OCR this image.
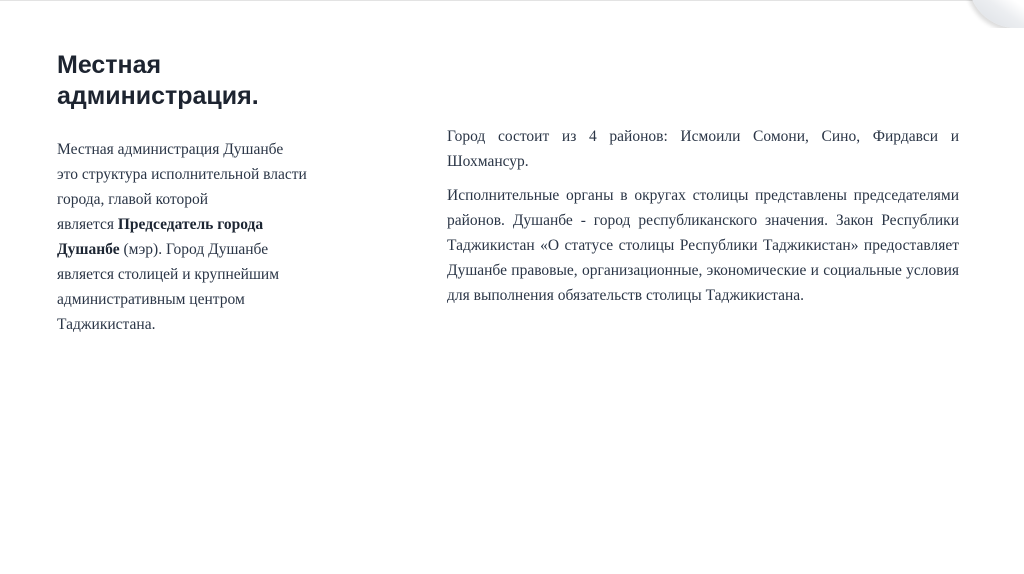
Местная
администрация.
Местная администрация Душанбе
это структура исполнительной власти
города, главой которой
является Председатель города
Душанбе (мэр). Город Душанбе
является столицей и крупнейшим
административным центром
Таджикистана.

Город состоит из 4 районов: Исмоили Сомони, Сино, Фирдавси и Шохмансур.

Исполнительные органы в округах столицы представлены председателями районов. Душанбе - город республиканского значения. Закон Республики Таджикистан «О статусе столицы Республики Таджикистан» предоставляет Душанбе правовые, организационные, экономические и социальные условия для выполнения обязательств столицы Таджикистана.
